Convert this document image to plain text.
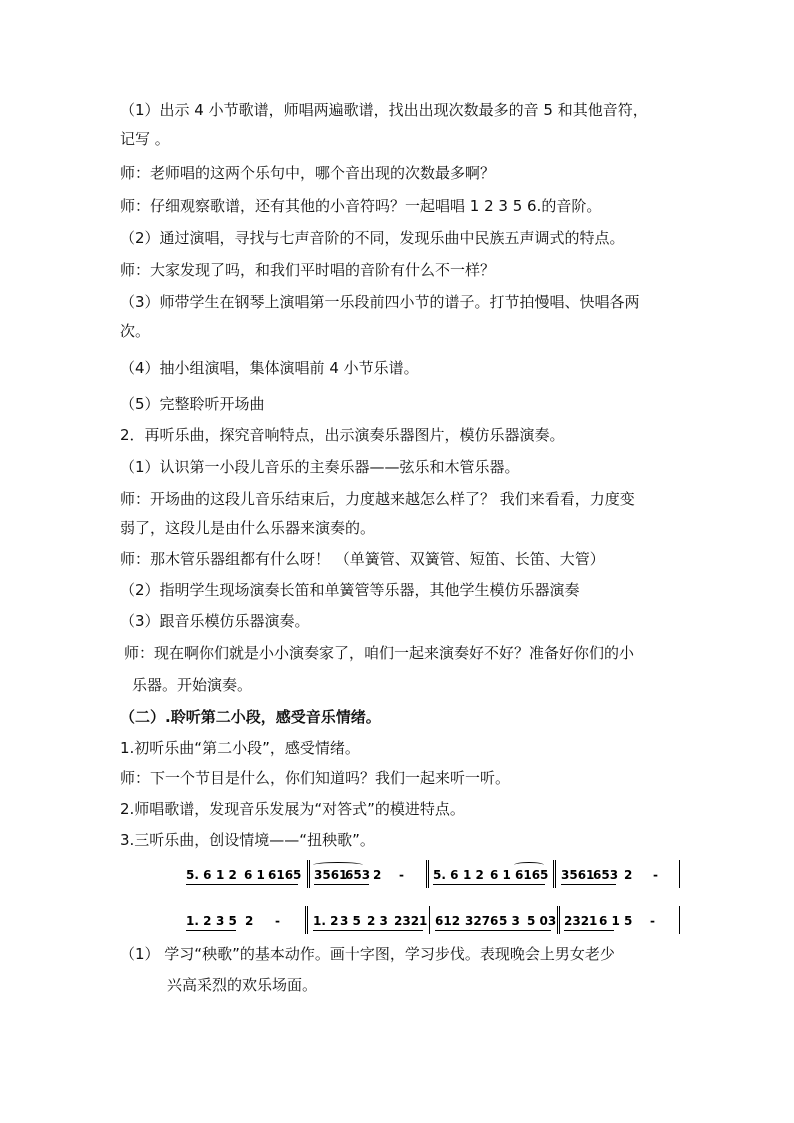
（1）出示 4 小节歌谱，师唱两遍歌谱，找出出现次数最多的音 5 和其他音符，
记写 。
师：老师唱的这两个乐句中，哪个音出现的次数最多啊？
师：仔细观察歌谱，还有其他的小音符吗？一起唱唱 1 2 3 5 6.的音阶。
（2）通过演唱，寻找与七声音阶的不同，发现乐曲中民族五声调式的特点。
师：大家发现了吗，和我们平时唱的音阶有什么不一样？
（3）师带学生在钢琴上演唱第一乐段前四小节的谱子。打节拍慢唱、快唱各两
次。
（4）抽小组演唱，集体演唱前 4 小节乐谱。
（5）完整聆听开场曲
2．再听乐曲，探究音响特点，出示演奏乐器图片，模仿乐器演奏。
（1）认识第一小段儿音乐的主奏乐器——弦乐和木管乐器。
师：开场曲的这段儿音乐结束后，力度越来越怎么样了？ 我们来看看，力度变
弱了，这段儿是由什么乐器来演奏的。
师：那木管乐器组都有什么呀！ （单簧管、双簧管、短笛、长笛、大管）
（2）指明学生现场演奏长笛和单簧管等乐器，其他学生模仿乐器演奏
（3）跟音乐模仿乐器演奏。
师：现在啊你们就是小小演奏家了，咱们一起来演奏好不好？准备好你们的小
乐器。开始演奏。
（二）.聆听第二小段，感受音乐情绪。
1.初听乐曲“第二小段”，感受情绪。
师：下一个节目是什么，你们知道吗？我们一起来听一听。
2.师唱歌谱，发现音乐发展为“对答式”的模进特点。
3.三听乐曲，创设情境——“扭秧歌”。
5. 6 1 2 6 1 6165 3561
653 2 - 5. 6 1 2 6 1 6165 3561
653 2 -
1. 2 3 5 2 -	1. 2 3 5 2 3 2321 612 3276 5 3 5 03 2321 6 1 5 -
（1） 学习“秧歌”的基本动作。画十字图，学习步伐。表现晚会上男女老少
兴高采烈的欢乐场面。
